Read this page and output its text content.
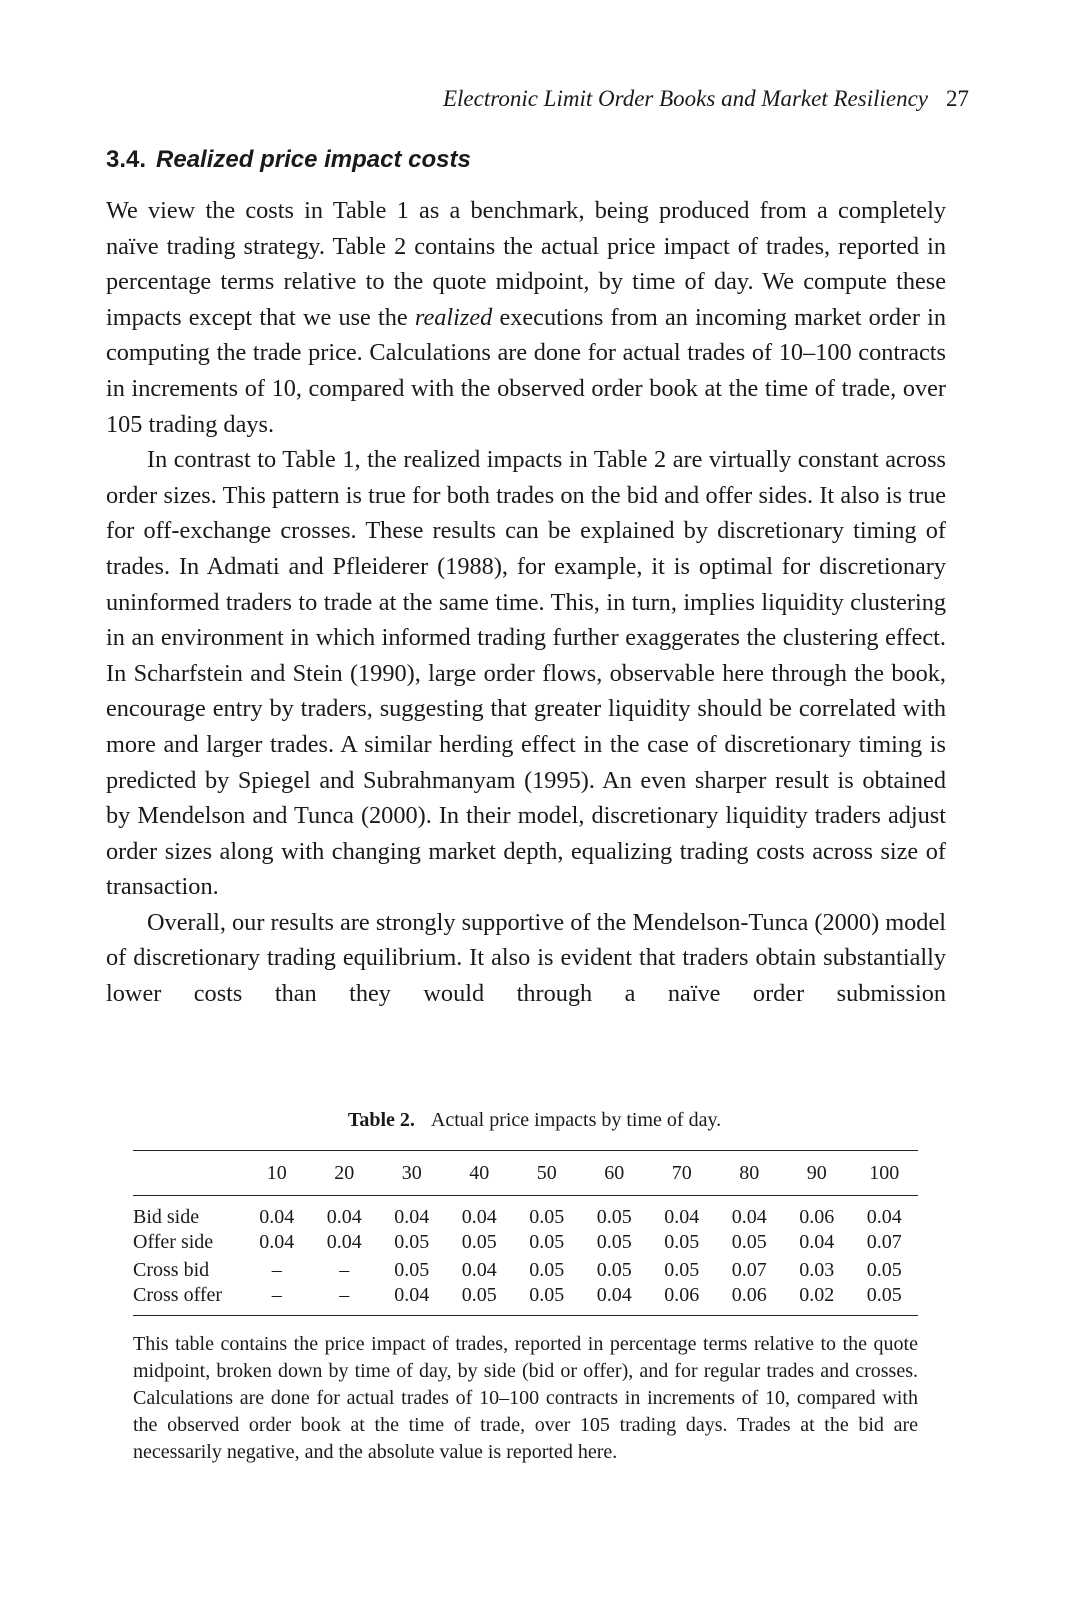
Electronic Limit Order Books and Market Resiliency 27
3.4. Realized price impact costs

We view the costs in Table 1 as a benchmark, being produced from a completely naïve trading strategy. Table 2 contains the actual price impact of trades, reported in percentage terms relative to the quote midpoint, by time of day. We compute these impacts except that we use the realized executions from an incoming market order in computing the trade price. Calculations are done for actual trades of 10–100 contracts in increments of 10, compared with the observed order book at the time of trade, over 105 trading days.

In contrast to Table 1, the realized impacts in Table 2 are virtually constant across order sizes. This pattern is true for both trades on the bid and offer sides. It also is true for off-exchange crosses. These results can be explained by discretionary timing of trades. In Admati and Pfleiderer (1988), for example, it is optimal for discretionary uninformed traders to trade at the same time. This, in turn, implies liquidity clustering in an environment in which informed trading further exaggerates the clustering effect. In Scharfstein and Stein (1990), large order flows, observable here through the book, encourage entry by traders, suggesting that greater liquidity should be correlated with more and larger trades. A similar herding effect in the case of discretionary timing is predicted by Spiegel and Subrahmanyam (1995). An even sharper result is obtained by Mendelson and Tunca (2000). In their model, discretionary liquidity traders adjust order sizes along with changing market depth, equalizing trading costs across size of transaction.

Overall, our results are strongly supportive of the Mendelson-Tunca (2000) model of discretionary trading equilibrium. It also is evident that traders obtain substantially lower costs than they would through a naïve order submission

Table 2. Actual price impacts by time of day.
	10	20	30	40	50	60	70	80	90	100
Bid side	0.04	0.04	0.04	0.04	0.05	0.05	0.04	0.04	0.06	0.04
Offer side	0.04	0.04	0.05	0.05	0.05	0.05	0.05	0.05	0.04	0.07
Cross bid	–	–	0.05	0.04	0.05	0.05	0.05	0.07	0.03	0.05
Cross offer	–	–	0.04	0.05	0.05	0.04	0.06	0.06	0.02	0.05
This table contains the price impact of trades, reported in percentage terms relative to the quote midpoint, broken down by time of day, by side (bid or offer), and for regular trades and crosses. Calculations are done for actual trades of 10–100 contracts in increments of 10, compared with the observed order book at the time of trade, over 105 trading days. Trades at the bid are necessarily negative, and the absolute value is reported here.
